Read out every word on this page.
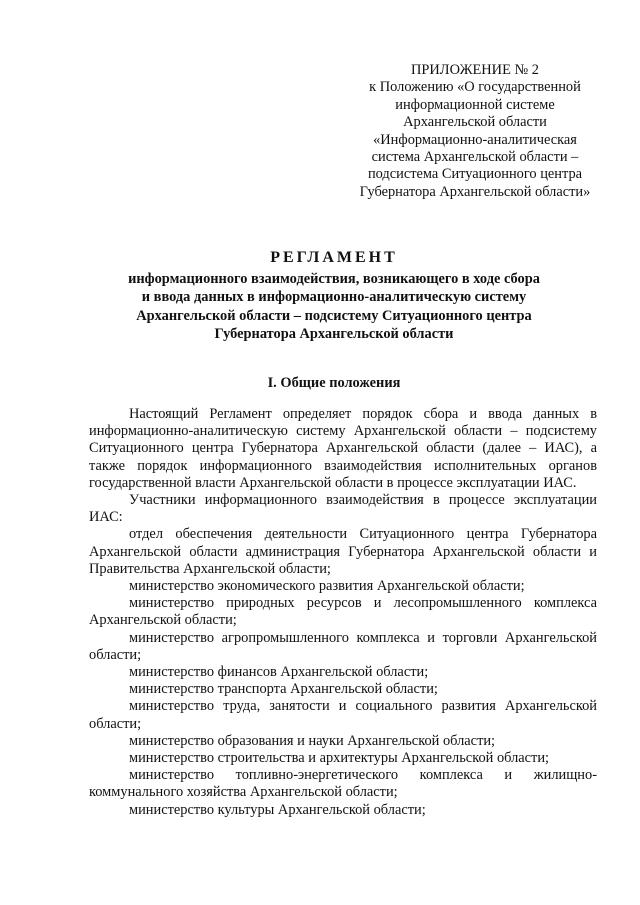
ПРИЛОЖЕНИЕ № 2
к Положению «О государственной
информационной системе
Архангельской области
«Информационно-аналитическая
система Архангельской области –
подсистема Ситуационного центра
Губернатора Архангельской области»
РЕГЛАМЕНТ
информационного взаимодействия, возникающего в ходе сбора
и ввода данных в информационно-аналитическую систему
Архангельской области – подсистему Ситуационного центра
Губернатора Архангельской области
I. Общие положения

Настоящий Регламент определяет порядок сбора и ввода данных в информационно-аналитическую систему Архангельской области – подсистему Ситуационного центра Губернатора Архангельской области (далее – ИАС), а также порядок информационного взаимодействия исполнительных органов государственной власти Архангельской области в процессе эксплуатации ИАС.

Участники информационного взаимодействия в процессе эксплуатации ИАС:

отдел обеспечения деятельности Ситуационного центра Губернатора Архангельской области администрация Губернатора Архангельской области и Правительства Архангельской области;

министерство экономического развития Архангельской области;

министерство природных ресурсов и лесопромышленного комплекса Архангельской области;

министерство агропромышленного комплекса и торговли Архангельской области;

министерство финансов Архангельской области;

министерство транспорта Архангельской области;

министерство труда, занятости и социального развития Архангельской области;

министерство образования и науки Архангельской области;

министерство строительства и архитектуры Архангельской области;

министерство топливно-энергетического комплекса и жилищно-коммунального хозяйства Архангельской области;

министерство культуры Архангельской области;
